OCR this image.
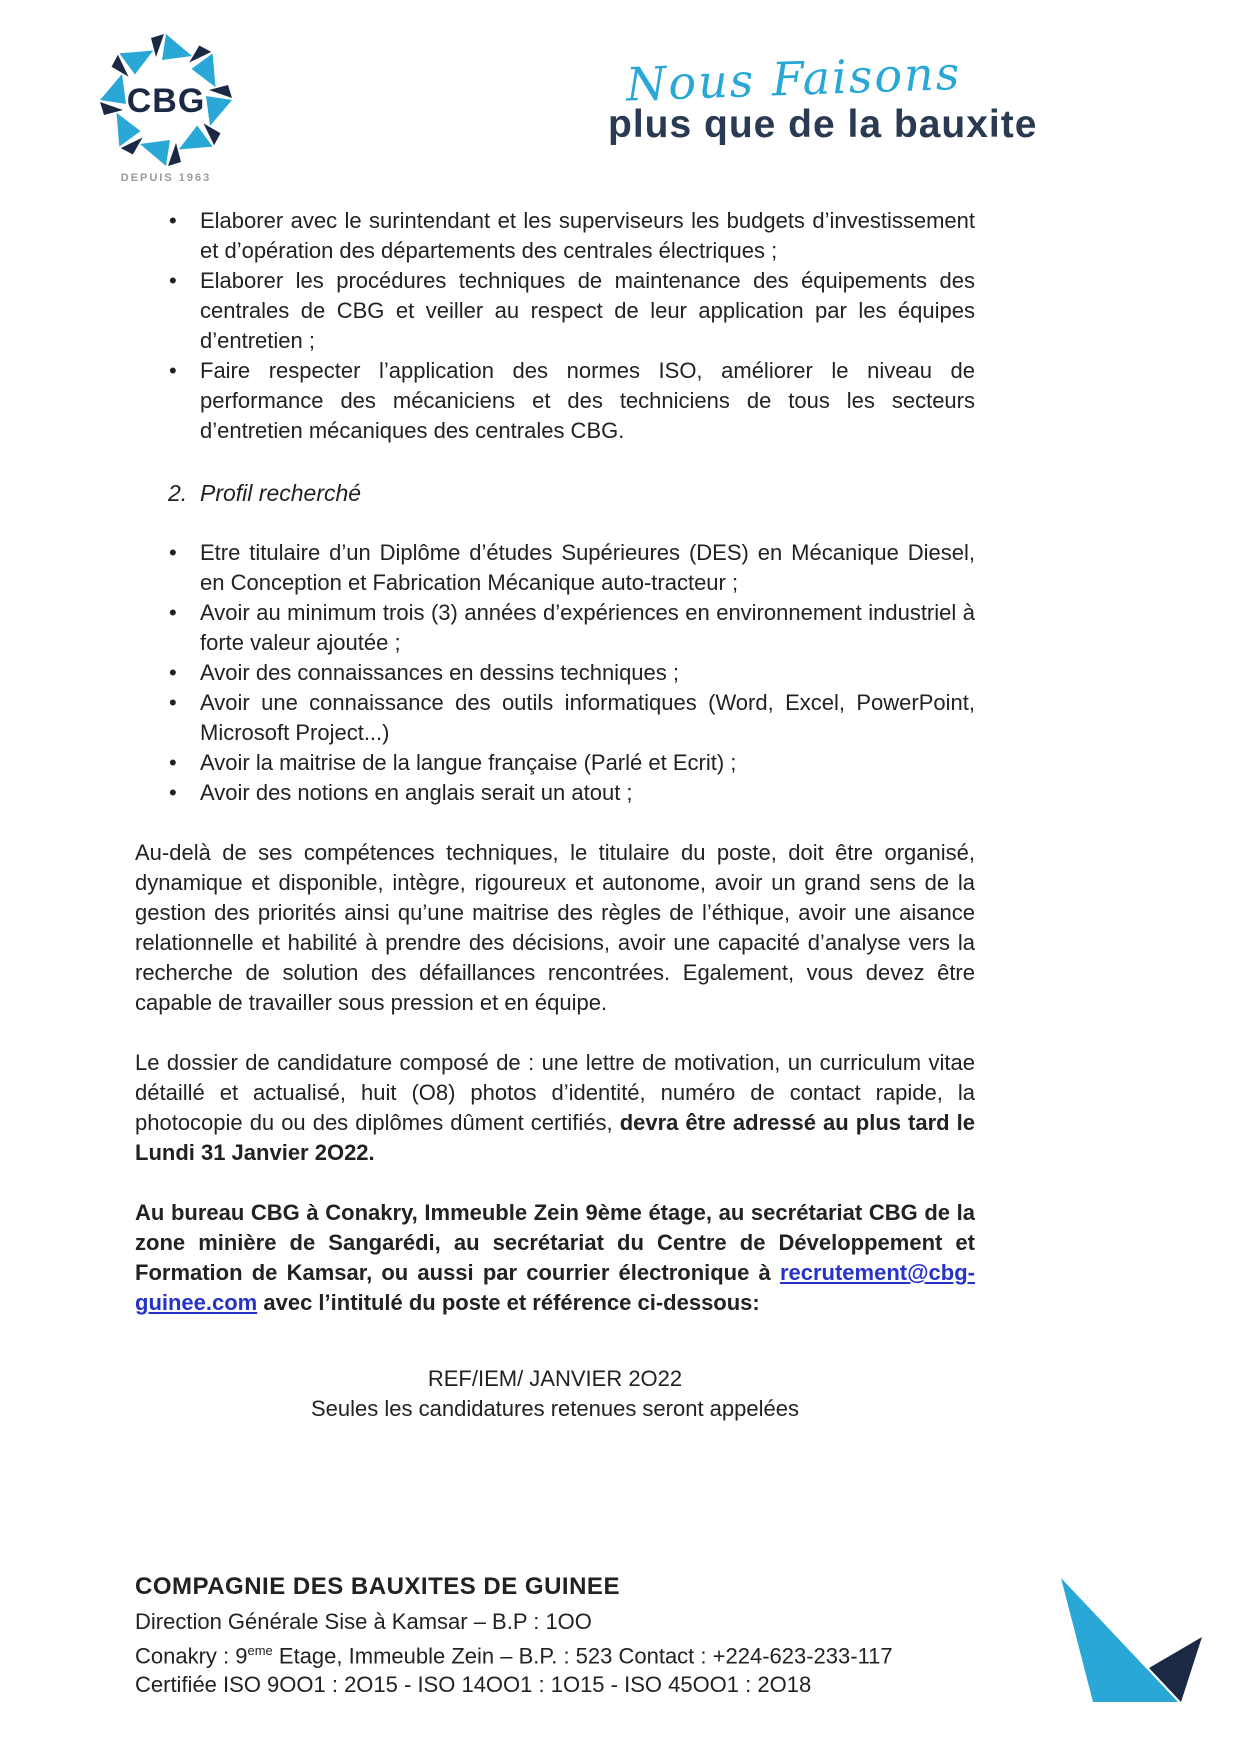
CBG
DEPUIS 1963
Nous Faisons
plus que de la bauxite
• Elaborer avec le surintendant et les superviseurs les budgets d’investissement et d’opération des départements des centrales électriques ;
• Elaborer les procédures techniques de maintenance des équipements des centrales de CBG et veiller au respect de leur application par les équipes d’entretien ;
• Faire respecter l’application des normes ISO, améliorer le niveau de performance des mécaniciens et des techniciens de tous les secteurs d’entretien mécaniques des centrales CBG.
2. Profil recherché
• Etre titulaire d’un Diplôme d’études Supérieures (DES) en Mécanique Diesel, en Conception et Fabrication Mécanique auto-tracteur ;
• Avoir au minimum trois (3) années d’expériences en environnement industriel à forte valeur ajoutée ;
• Avoir des connaissances en dessins techniques ;
• Avoir une connaissance des outils informatiques (Word, Excel, PowerPoint, Microsoft Project...)
• Avoir la maitrise de la langue française (Parlé et Ecrit) ;
• Avoir des notions en anglais serait un atout ;

Au-delà de ses compétences techniques, le titulaire du poste, doit être organisé, dynamique et disponible, intègre, rigoureux et autonome, avoir un grand sens de la gestion des priorités ainsi qu’une maitrise des règles de l’éthique, avoir une aisance relationnelle et habilité à prendre des décisions, avoir une capacité d’analyse vers la recherche de solution des défaillances rencontrées. Egalement, vous devez être capable de travailler sous pression et en équipe.

Le dossier de candidature composé de : une lettre de motivation, un curriculum vitae détaillé et actualisé, huit (O8) photos d’identité, numéro de contact rapide, la photocopie du ou des diplômes dûment certifiés, devra être adressé au plus tard le Lundi 31 Janvier 2O22.

Au bureau CBG à Conakry, Immeuble Zein 9ème étage, au secrétariat CBG de la zone minière de Sangarédi, au secrétariat du Centre de Développement et Formation de Kamsar, ou aussi par courrier électronique à recrutement@cbg-guinee.com avec l’intitulé du poste et référence ci-dessous:

REF/IEM/ JANVIER 2O22
Seules les candidatures retenues seront appelées
COMPAGNIE DES BAUXITES DE GUINEE
Direction Générale Sise à Kamsar – B.P : 1OO
Conakry : 9eme Etage, Immeuble Zein – B.P. : 523 Contact : +224-623-233-117
Certifiée ISO 9OO1 : 2O15 - ISO 14OO1 : 1O15 - ISO 45OO1 : 2O18
